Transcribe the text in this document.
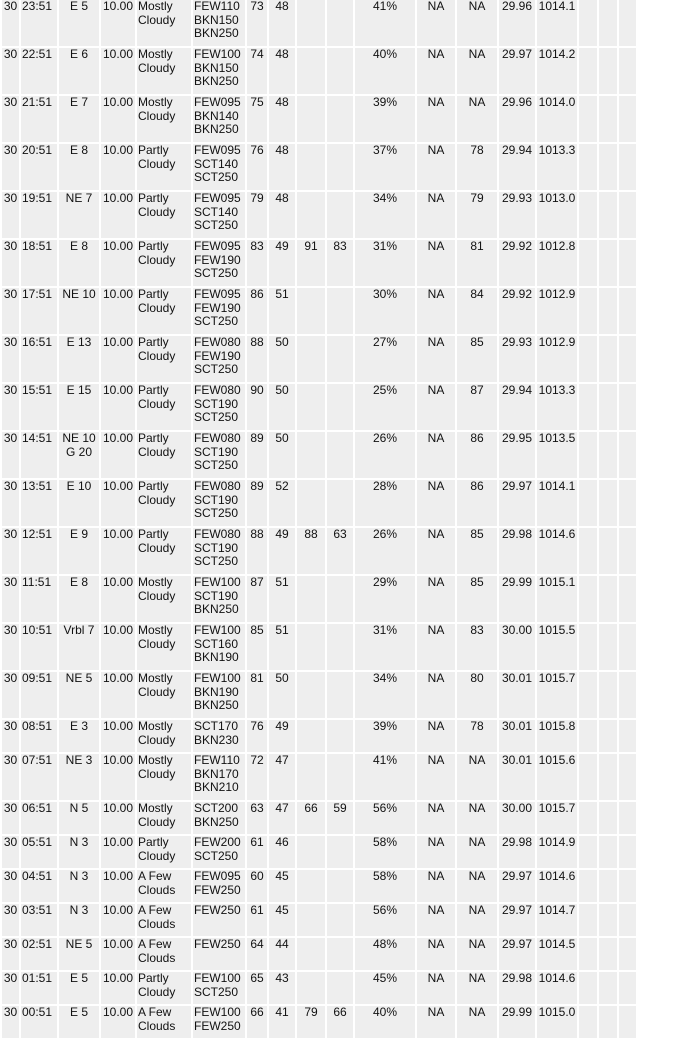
30	23:51	E 5	10.00	Mostly
Cloudy	FEW110
BKN150
BKN250	73	48			41%	NA	NA	29.96	1014.1			
30	22:51	E 6	10.00	Mostly
Cloudy	FEW100
BKN150
BKN250	74	48			40%	NA	NA	29.97	1014.2			
30	21:51	E 7	10.00	Mostly
Cloudy	FEW095
BKN140
BKN250	75	48			39%	NA	NA	29.96	1014.0			
30	20:51	E 8	10.00	Partly
Cloudy	FEW095
SCT140
SCT250	76	48			37%	NA	78	29.94	1013.3			
30	19:51	NE 7	10.00	Partly
Cloudy	FEW095
SCT140
SCT250	79	48			34%	NA	79	29.93	1013.0			
30	18:51	E 8	10.00	Partly
Cloudy	FEW095
FEW190
SCT250	83	49	91	83	31%	NA	81	29.92	1012.8			
30	17:51	NE 10	10.00	Partly
Cloudy	FEW095
FEW190
SCT250	86	51			30%	NA	84	29.92	1012.9			
30	16:51	E 13	10.00	Partly
Cloudy	FEW080
FEW190
SCT250	88	50			27%	NA	85	29.93	1012.9			
30	15:51	E 15	10.00	Partly
Cloudy	FEW080
SCT190
SCT250	90	50			25%	NA	87	29.94	1013.3			
30	14:51	NE 10
G 20	10.00	Partly
Cloudy	FEW080
SCT190
SCT250	89	50			26%	NA	86	29.95	1013.5			
30	13:51	E 10	10.00	Partly
Cloudy	FEW080
SCT190
SCT250	89	52			28%	NA	86	29.97	1014.1			
30	12:51	E 9	10.00	Partly
Cloudy	FEW080
SCT190
SCT250	88	49	88	63	26%	NA	85	29.98	1014.6			
30	11:51	E 8	10.00	Mostly
Cloudy	FEW100
SCT190
BKN250	87	51			29%	NA	85	29.99	1015.1			
30	10:51	Vrbl 7	10.00	Mostly
Cloudy	FEW100
SCT160
BKN190	85	51			31%	NA	83	30.00	1015.5			
30	09:51	NE 5	10.00	Mostly
Cloudy	FEW100
BKN190
BKN250	81	50			34%	NA	80	30.01	1015.7			
30	08:51	E 3	10.00	Mostly
Cloudy	SCT170
BKN230	76	49			39%	NA	78	30.01	1015.8			
30	07:51	NE 3	10.00	Mostly
Cloudy	FEW110
BKN170
BKN210	72	47			41%	NA	NA	30.01	1015.6			
30	06:51	N 5	10.00	Mostly
Cloudy	SCT200
BKN250	63	47	66	59	56%	NA	NA	30.00	1015.7			
30	05:51	N 3	10.00	Partly
Cloudy	FEW200
SCT250	61	46			58%	NA	NA	29.98	1014.9			
30	04:51	N 3	10.00	A Few
Clouds	FEW095
FEW250	60	45			58%	NA	NA	29.97	1014.6			
30	03:51	N 3	10.00	A Few
Clouds	FEW250	61	45			56%	NA	NA	29.97	1014.7			
30	02:51	NE 5	10.00	A Few
Clouds	FEW250	64	44			48%	NA	NA	29.97	1014.5			
30	01:51	E 5	10.00	Partly
Cloudy	FEW100
SCT250	65	43			45%	NA	NA	29.98	1014.6			
30	00:51	E 5	10.00	A Few
Clouds	FEW100
FEW250	66	41	79	66	40%	NA	NA	29.99	1015.0			
